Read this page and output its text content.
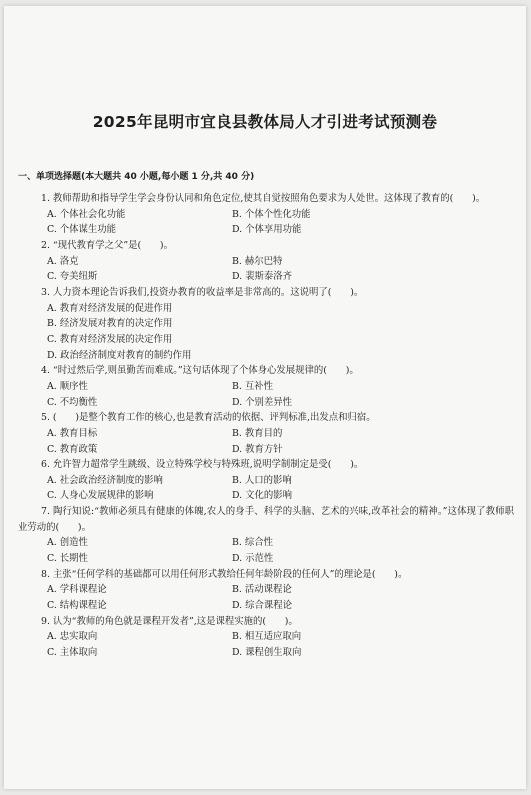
2025年昆明市宜良县教体局人才引进考试预测卷
一、单项选择题(本大题共 40 小题,每小题 1 分,共 40 分)

1. 教师帮助和指导学生学会身份认同和角色定位,使其自觉按照角色要求为人处世。这体现了教育的(　　)。

A. 个体社会化功能	B. 个体个性化功能
C. 个体谋生功能	D. 个体享用功能

2. “现代教育学之父”是(　　)。

A. 洛克	B. 赫尔巴特
C. 夸美纽斯	D. 裴斯泰洛齐

3. 人力资本理论告诉我们,投资办教育的收益率是非常高的。这说明了(　　)。

A. 教育对经济发展的促进作用
B. 经济发展对教育的决定作用
C. 教育对经济发展的决定作用
D. 政治经济制度对教育的制约作用

4. “时过然后学,则虽勤苦而难成。”这句话体现了个体身心发展规律的(　　)。

A. 顺序性	B. 互补性
C. 不均衡性	D. 个别差异性

5. (　　)是整个教育工作的核心,也是教育活动的依据、评判标准,出发点和归宿。

A. 教育目标	B. 教育目的
C. 教育政策	D. 教育方针

6. 允许智力超常学生跳级、设立特殊学校与特殊班,说明学制制定是受(　　)。

A. 社会政治经济制度的影响	B. 人口的影响
C. 人身心发展规律的影响	D. 文化的影响

7. 陶行知说:“教师必须具有健康的体魄,农人的身手、科学的头脑、艺术的兴味,改革社会的精神。”这体现了教师职业劳动的(　　)。

A. 创造性	B. 综合性
C. 长期性	D. 示范性

8. 主张“任何学科的基础都可以用任何形式教给任何年龄阶段的任何人”的理论是(　　)。

A. 学科课程论	B. 活动课程论
C. 结构课程论	D. 综合课程论

9. 认为“教师的角色就是课程开发者”,这是课程实施的(　　)。

A. 忠实取向	B. 相互适应取向
C. 主体取向	D. 课程创生取向
